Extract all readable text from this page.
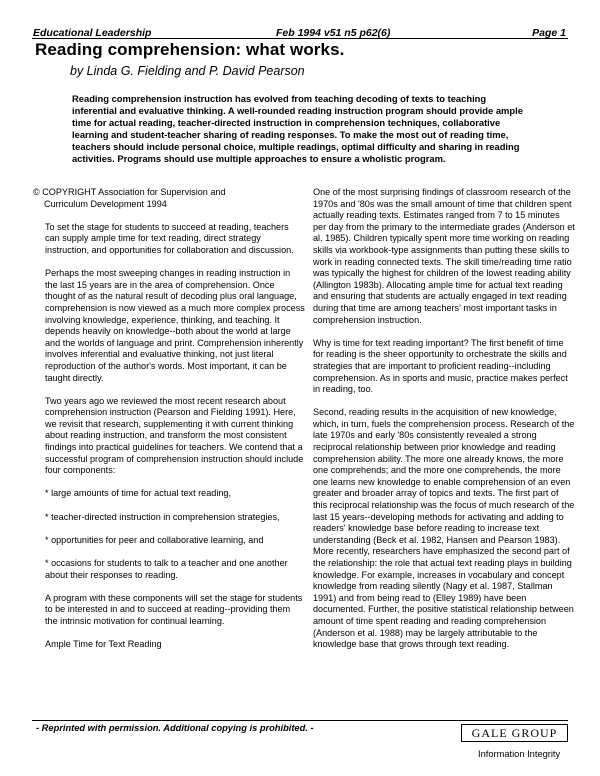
Educational Leadership	Feb 1994 v51 n5 p62(6)	Page 1
Reading comprehension: what works.
by Linda G. Fielding and P. David Pearson
Reading comprehension instruction has evolved from teaching decoding of texts to teaching inferential and evaluative thinking. A well-rounded reading instruction program should provide ample time for actual reading, teacher-directed instruction in comprehension techniques, collaborative learning and student-teacher sharing of reading responses. To make the most out of reading time, teachers should include personal choice, multiple readings, optimal difficulty and sharing in reading activities. Programs should use multiple approaches to ensure a wholistic program.

© COPYRIGHT Association for Supervision and
Curriculum Development 1994

To set the stage for students to succeed at reading, teachers can supply ample time for text reading, direct strategy instruction, and opportunities for collaboration and discussion.

Perhaps the most sweeping changes in reading instruction in the last 15 years are in the area of comprehension. Once thought of as the natural result of decoding plus oral language, comprehension is now viewed as a much more complex process involving knowledge, experience, thinking, and teaching. It depends heavily on knowledge--both about the world at large and the worlds of language and print. Comprehension inherently involves inferential and evaluative thinking, not just literal reproduction of the author's words. Most important, it can be taught directly.

Two years ago we reviewed the most recent research about comprehension instruction (Pearson and Fielding 1991). Here, we revisit that research, supplementing it with current thinking about reading instruction, and transform the most consistent findings into practical guidelines for teachers. We contend that a successful program of comprehension instruction should include four components:

* large amounts of time for actual text reading,

* teacher-directed instruction in comprehension strategies,

* opportunities for peer and collaborative learning, and

* occasions for students to talk to a teacher and one another about their responses to reading.

A program with these components will set the stage for students to be interested in and to succeed at reading--providing them the intrinsic motivation for continual learning.

Ample Time for Text Reading

One of the most surprising findings of classroom research of the 1970s and '80s was the small amount of time that children spent actually reading texts. Estimates ranged from 7 to 15 minutes per day from the primary to the intermediate grades (Anderson et al. 1985). Children typically spent more time working on reading skills via workbook-type assignments than putting these skills to work in reading connected texts. The skill time/reading time ratio was typically the highest for children of the lowest reading ability (Allington 1983b). Allocating ample time for actual text reading and ensuring that students are actually engaged in text reading during that time are among teachers' most important tasks in comprehension instruction.

Why is time for text reading important? The first benefit of time for reading is the sheer opportunity to orchestrate the skills and strategies that are important to proficient reading--including comprehension. As in sports and music, practice makes perfect in reading, too.

Second, reading results in the acquisition of new knowledge, which, in turn, fuels the comprehension process. Research of the late 1970s and early '80s consistently revealed a strong reciprocal relationship between prior knowledge and reading comprehension ability. The more one already knows, the more one comprehends; and the more one comprehends, the more one learns new knowledge to enable comprehension of an even greater and broader array of topics and texts. The first part of this reciprocal relationship was the focus of much research of the last 15 years--developing methods for activating and adding to readers' knowledge base before reading to increase text understanding (Beck et al. 1982, Hansen and Pearson 1983). More recently, researchers have emphasized the second part of the relationship: the role that actual text reading plays in building knowledge. For example, increases in vocabulary and concept knowledge from reading silently (Nagy et al. 1987, Stallman 1991) and from being read to (Elley 1989) have been documented. Further, the positive statistical relationship between amount of time spent reading and reading comprehension (Anderson et al. 1988) may be largely attributable to the knowledge base that grows through text reading.

- Reprinted with permission. Additional copying is prohibited. -	GALE GROUP
Information Integrity
